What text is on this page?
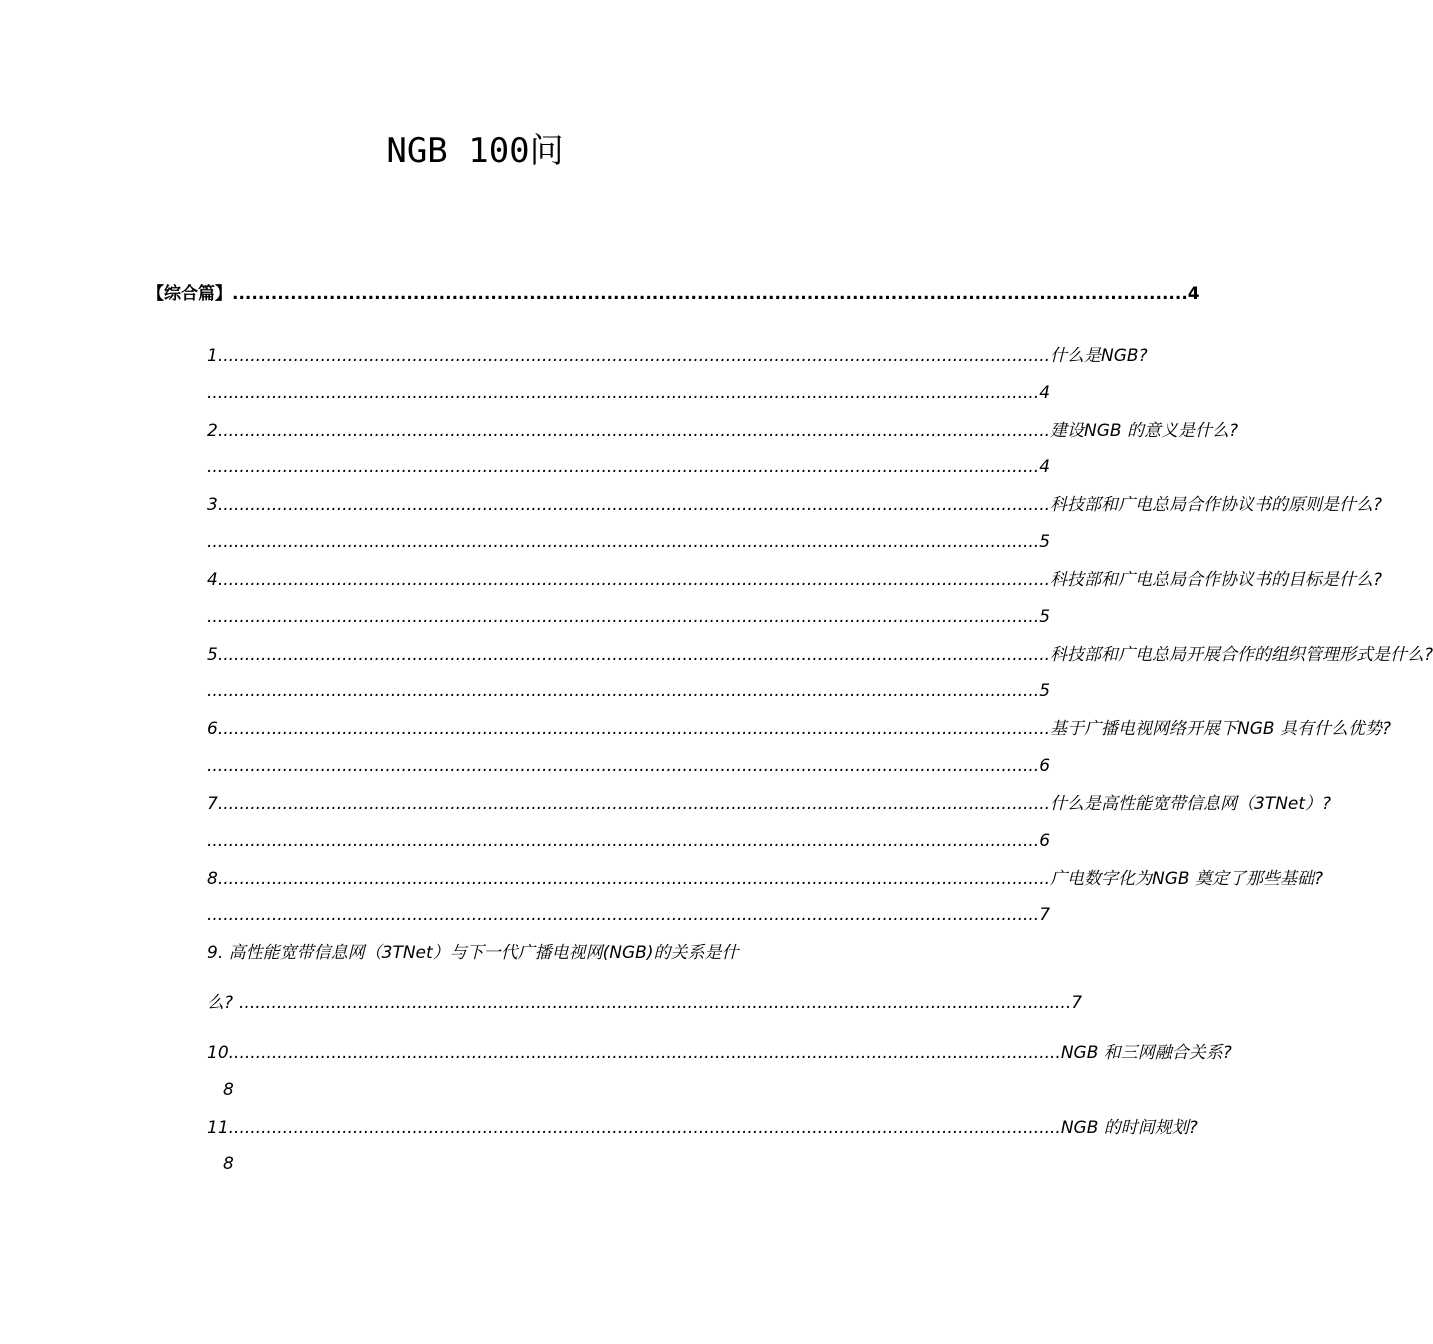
NGB 100问
【综合篇】 .................................................................................................................................................... 4
1 .......................................................................................................................................................... 什么是NGB?
.......................................................................................................................................................... 4
2 .......................................................................................................................................................... 建设NGB 的意义是什么?
.......................................................................................................................................................... 4
3 .......................................................................................................................................................... 科技部和广电总局合作协议书的原则是什么?
.......................................................................................................................................................... 5
4 .......................................................................................................................................................... 科技部和广电总局合作协议书的目标是什么?
.......................................................................................................................................................... 5
5 .......................................................................................................................................................... 科技部和广电总局开展合作的组织管理形式是什么?
.......................................................................................................................................................... 5
6 .......................................................................................................................................................... 基于广播电视网络开展下NGB 具有什么优势?
.......................................................................................................................................................... 6
7 .......................................................................................................................................................... 什么是高性能宽带信息网（3TNet）?
.......................................................................................................................................................... 6
8 .......................................................................................................................................................... 广电数字化为NGB 奠定了那些基础?
.......................................................................................................................................................... 7
9. 高性能宽带信息网（3TNet）与下一代广播电视网(NGB)的关系是什
么? .......................................................................................................................................................... 7
10 .......................................................................................................................................................... NGB 和三网融合关系?
8
11 .......................................................................................................................................................... NGB 的时间规划?
8
